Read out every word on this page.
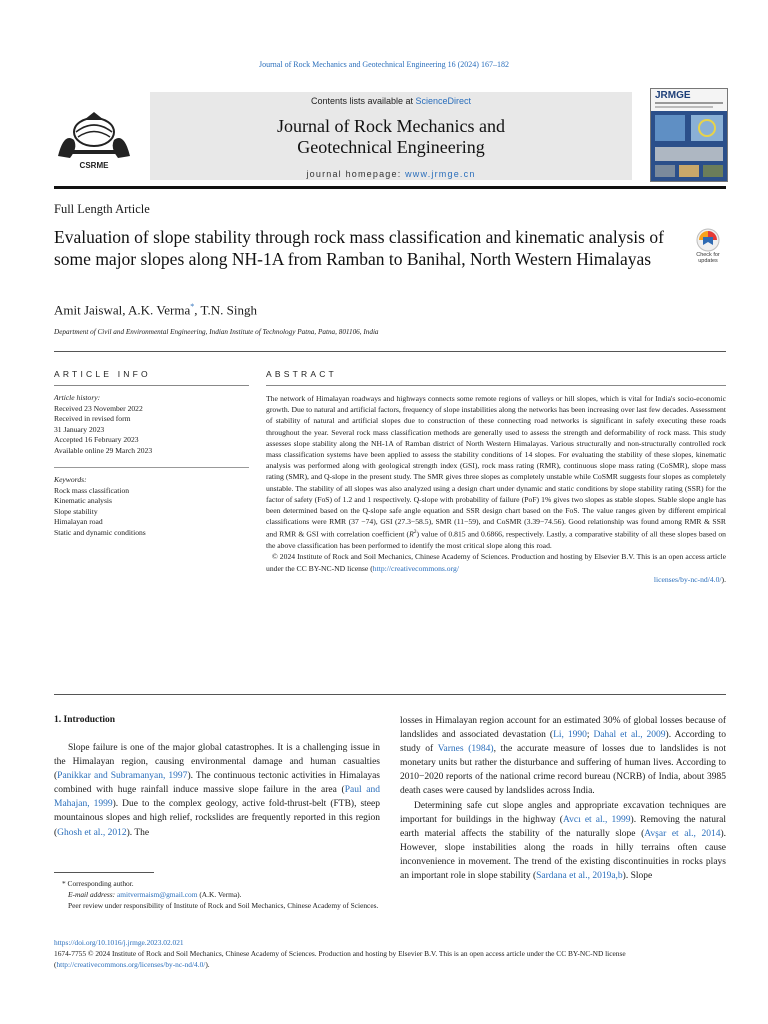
Journal of Rock Mechanics and Geotechnical Engineering 16 (2024) 167–182
CSRME
Contents lists available at ScienceDirect
Journal of Rock Mechanics and
Geotechnical Engineering
journal homepage: www.jrmge.cn
JRMGE
Full Length Article
Evaluation of slope stability through rock mass classification and kinematic analysis of some major slopes along NH-1A from Ramban to Banihal, North Western Himalayas	Check for
updates
Amit Jaiswal, A.K. Verma*, T.N. Singh
Department of Civil and Environmental Engineering, Indian Institute of Technology Patna, Patna, 801106, India
ARTICLE INFO	ABSTRACT
Article history:
Received 23 November 2022
Received in revised form
31 January 2023
Accepted 16 February 2023
Available online 29 March 2023
Keywords:
Rock mass classification
Kinematic analysis
Slope stability
Himalayan road
Static and dynamic conditions

The network of Himalayan roadways and highways connects some remote regions of valleys or hill slopes, which is vital for India's socio-economic growth. Due to natural and artificial factors, frequency of slope instabilities along the networks has been increasing over last few decades. Assessment of stability of natural and artificial slopes due to construction of these connecting road networks is significant in safely executing these roads throughout the year. Several rock mass classification methods are generally used to assess the strength and deformability of rock mass. This study assesses slope stability along the NH-1A of Ramban district of North Western Himalayas. Various structurally and non-structurally controlled rock mass classification systems have been applied to assess the stability conditions of 14 slopes. For evaluating the stability of these slopes, kinematic analysis was performed along with geological strength index (GSI), rock mass rating (RMR), continuous slope mass rating (CoSMR), slope mass rating (SMR), and Q-slope in the present study. The SMR gives three slopes as completely unstable while CoSMR suggests four slopes as completely unstable. The stability of all slopes was also analyzed using a design chart under dynamic and static conditions by slope stability rating (SSR) for the factor of safety (FoS) of 1.2 and 1 respectively. Q-slope with probability of failure (PoF) 1% gives two slopes as stable slopes. Stable slope angle has been determined based on the Q-slope safe angle equation and SSR design chart based on the FoS. The value ranges given by different empirical classifications were RMR (37 −74), GSI (27.3−58.5), SMR (11−59), and CoSMR (3.39−74.56). Good relationship was found among RMR & SSR and RMR & GSI with correlation coefficient $(R^2)$ value of 0.815 and 0.6866, respectively. Lastly, a comparative stability of all these slopes based on the above classification has been performed to identify the most critical slope along this road.

© 2024 Institute of Rock and Soil Mechanics, Chinese Academy of Sciences. Production and hosting by Elsevier B.V. This is an open access article under the CC BY-NC-ND license (http://creativecommons.org/

licenses/by-nc-nd/4.0/).

1. Introduction

Slope failure is one of the major global catastrophes. It is a challenging issue in the Himalayan region, causing environmental damage and human casualties (Panikkar and Subramanyan, 1997). The continuous tectonic activities in Himalayas combined with huge rainfall induce massive slope failure in the area (Paul and Mahajan, 1999). Due to the complex geology, active fold-thrust-belt (FTB), steep mountainous slopes and high relief, rockslides are frequently reported in this region (Ghosh et al., 2012). The

losses in Himalayan region account for an estimated 30% of global losses because of landslides and associated devastation (Li, 1990; Dahal et al., 2009). According to study of Varnes (1984), the accurate measure of losses due to landslides is not monetary units but rather the disturbance and suffering of human lives. According to 2010−2020 reports of the national crime record bureau (NCRB) of India, about 3985 death cases were caused by landslides across India.

Determining safe cut slope angles and appropriate excavation techniques are important for buildings in the highway (Avcı et al., 1999). Removing the natural earth material affects the stability of the naturally slope (Avşar et al., 2014). However, slope instabilities along the roads in hilly terrains often cause inconvenience in movement. The trend of the existing discontinuities in rocks plays an important role in slope stability (Sardana et al., 2019a,b). Slope

* Corresponding author.
E-mail address: amitvermaism@gmail.com (A.K. Verma).
Peer review under responsibility of Institute of Rock and Soil Mechanics, Chinese Academy of Sciences.
https://doi.org/10.1016/j.jrmge.2023.02.021
1674-7755 © 2024 Institute of Rock and Soil Mechanics, Chinese Academy of Sciences. Production and hosting by Elsevier B.V. This is an open access article under the CC BY-NC-ND license (http://creativecommons.org/licenses/by-nc-nd/4.0/).
